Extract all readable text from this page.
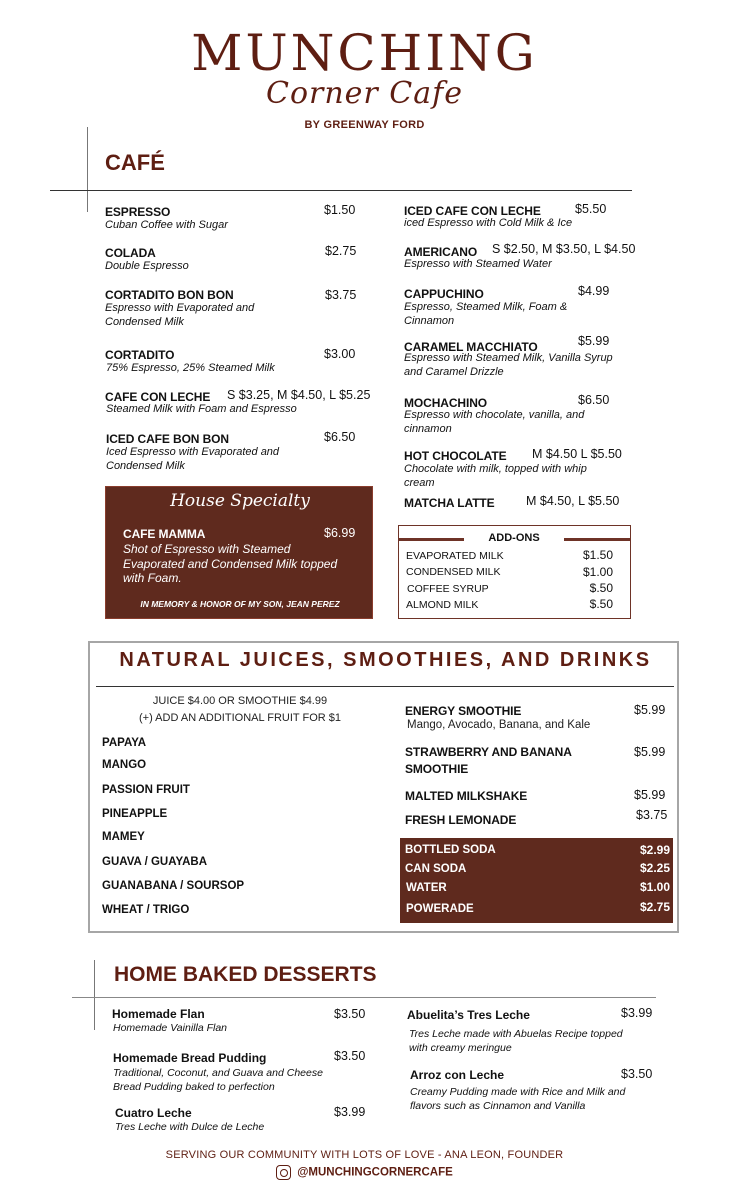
MUNCHING
Corner Cafe
BY GREENWAY FORD
CAFÉ
ESPRESSO	$1.50
Cuban Coffee with Sugar
COLADA	$2.75
Double Espresso
CORTADITO BON BON	$3.75
Espresso with Evaporated and Condensed Milk
CORTADITO	$3.00
75% Espresso, 25% Steamed Milk
CAFE CON LECHE S $3.25, M $4.50, L $5.25
Steamed Milk with Foam and Espresso
ICED CAFE BON BON	$6.50
Iced Espresso with Evaporated and Condensed Milk
House Specialty
CAFE MAMMA	$6.99
Shot of Espresso with Steamed Evaporated and Condensed Milk topped with Foam.
IN MEMORY & HONOR OF MY SON, JEAN PEREZ
ICED CAFE CON LECHE	$5.50
iced Espresso with Cold Milk & Ice
AMERICANO S $2.50, M $3.50, L $4.50
Espresso with Steamed Water
CAPPUCHINO	$4.99
Espresso, Steamed Milk, Foam & Cinnamon
CARAMEL MACCHIATO	$5.99
Espresso with Steamed Milk, Vanilla Syrup and Caramel Drizzle
MOCHACHINO	$6.50
Espresso with chocolate, vanilla, and cinnamon
HOT CHOCOLATE M $4.50 L $5.50
Chocolate with milk, topped with whip cream
MATCHA LATTE	M $4.50, L $5.50
ADD-ONS
EVAPORATED MILK	$1.50
CONDENSED MILK	$1.00
COFFEE SYRUP	$.50
ALMOND MILK	$.50
NATURAL JUICES, SMOOTHIES, AND DRINKS
JUICE $4.00 OR SMOOTHIE $4.99
(+) ADD AN ADDITIONAL FRUIT FOR $1
PAPAYA
MANGO
PASSION FRUIT
PINEAPPLE
MAMEY
GUAVA / GUAYABA
GUANABANA / SOURSOP
WHEAT / TRIGO
ENERGY SMOOTHIE	$5.99
Mango, Avocado, Banana, and Kale
STRAWBERRY AND BANANA SMOOTHIE
$5.99
MALTED MILKSHAKE	$5.99
FRESH LEMONADE	$3.75
BOTTLED SODA	$2.99
CAN SODA	$2.25
WATER	$1.00
POWERADE	$2.75
HOME BAKED DESSERTS
Homemade Flan	$3.50
Homemade Vainilla Flan
Homemade Bread Pudding	$3.50
Traditional, Coconut, and Guava and Cheese Bread Pudding baked to perfection
Cuatro Leche	$3.99
Tres Leche with Dulce de Leche
Abuelita’s Tres Leche	$3.99
Tres Leche made with Abuelas Recipe topped with creamy meringue
Arroz con Leche	$3.50
Creamy Pudding made with Rice and Milk and flavors such as Cinnamon and Vanilla
SERVING OUR COMMUNITY WITH LOTS OF LOVE - ANA LEON, FOUNDER
@MUNCHINGCORNERCAFE
